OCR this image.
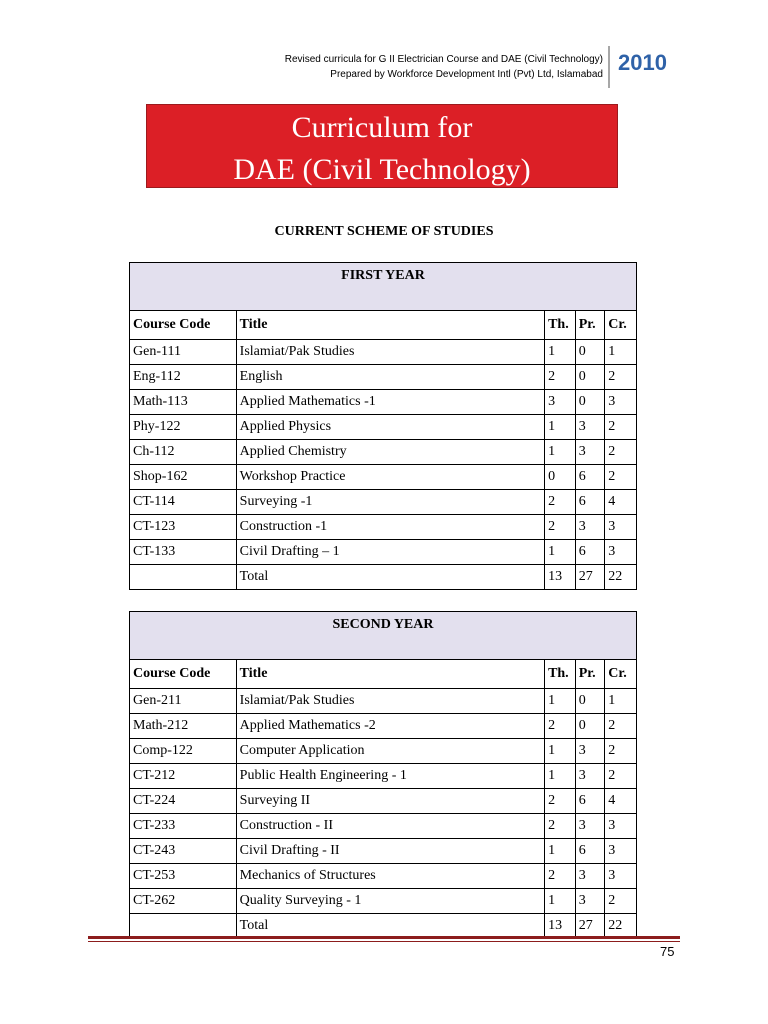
Revised curricula for G II Electrician Course and DAE (Civil Technology)
Prepared by Workforce Development Intl (Pvt) Ltd, Islamabad 2010
Curriculum for
DAE (Civil Technology)
CURRENT SCHEME OF STUDIES
FIRST YEAR				
Course Code	Title	Th.	Pr.	Cr.
Gen-111	Islamiat/Pak Studies	1	0	1
Eng-112	English	2	0	2
Math-113	Applied Mathematics -1	3	0	3
Phy-122	Applied Physics	1	3	2
Ch-112	Applied Chemistry	1	3	2
Shop-162	Workshop Practice	0	6	2
CT-114	Surveying -1	2	6	4
CT-123	Construction -1	2	3	3
CT-133	Civil Drafting – 1	1	6	3
	Total	13	27	22
SECOND YEAR				
Course Code	Title	Th.	Pr.	Cr.
Gen-211	Islamiat/Pak Studies	1	0	1
Math-212	Applied Mathematics -2	2	0	2
Comp-122	Computer Application	1	3	2
CT-212	Public Health Engineering - 1	1	3	2
CT-224	Surveying II	2	6	4
CT-233	Construction - II	2	3	3
CT-243	Civil Drafting - II	1	6	3
CT-253	Mechanics of Structures	2	3	3
CT-262	Quality Surveying - 1	1	3	2
	Total	13	27	22
75
